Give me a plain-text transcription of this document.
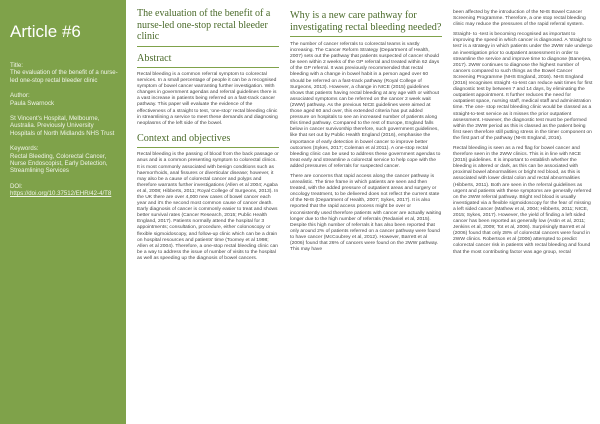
Article #6
Title:
The evaluation of the benefit of a nurse-led one-stop rectal bleeder clinic
Author:
Paula Swarnock
St Vincent's Hospital, Melbourne, Australia. Previously University Hospitals of North Midlands NHS Trust
Keywords:
Rectal Bleeding, Colorectal Cancer, Nurse Endoscopist, Early Detection, Streamlining Services
DOI:
https://doi.org/10.37512/EHR/42-4/T8
The evaluation of the benefit of a nurse-led one-stop rectal bleeder clinic
Abstract

Rectal bleeding is a common referral symptom to colorectal services. In a small percentage of people it can be a recognised symptom of bowel cancer warranting further investigation. With changes in government agendas and referral guidelines there is a vast increase in patients being referred on a fast-track cancer pathway. This paper will evaluate the evidence of the effectiveness of a straight to test, 'one-stop' rectal bleeding clinic in streamlining a service to meet these demands and diagnosing neoplasms of the left side of the bowel.

Context and objectives

Rectal bleeding is the passing of blood from the back passage or anus and is a common presenting symptom to colorectal clinics. It is most commonly associated with benign conditions such as haemorrhoids, anal fissures or diverticular disease; however, it may also be a cause of colorectal cancer and polyps and therefore warrants further investigations (Allen et al 2004; Agaba et al, 2008; Hibberts, 2011; Royal College of Surgeons, 2013). In the UK there are over 4,000 new cases of bowel cancer each year and it's the second most common cause of cancer death. Early diagnosis of cancer is commonly easier to treat and shows better survival rates (Cancer Research, 2015; Public Health England, 2017). Patients normally attend the hospital for 3 appointments; consultation, procedure, either colonoscopy or flexible sigmoidoscopy, and follow-up clinic which can be a drain on hospital resources and patients' time (Toomey et al 1998; Allen et al 2004). Therefore, a one-stop rectal bleeding clinic can be a way to address the issue of number of visits to the hospital as well as speeding up the diagnosis of bowel cancers.

Why is a new care pathway for investigating rectal bleeding needed?

The number of cancer referrals to colorectal teams is vastly increasing. The Cancer Reform Strategy (Department of Health, 2007) sets out the pathway that patients suspected of cancer should be seen within 2 weeks of the GP referral and treated within 62 days of the GP referral. It was previously recommended that rectal bleeding with a change in bowel habit in a person aged over 60 should be referred on a fast-track pathway (Royal College of Surgeons, 2013). However, a change in NICE (2015) guidelines shows that patients having rectal bleeding at any age with or without associated symptoms can be referred on the cancer 2 week wait (2WW) pathway. As the previous NICE guidelines were aimed at those aged 60 and over, this extended criteria has put added pressure on hospitals to see an increased number of patients along this timed pathway. Compared to the rest of Europe, England falls below in cancer survivorship therefore, such government guidelines, like that set out by Public Health England (2016), emphasise the importance of early detection in bowel cancer to improve better outcomes (Sykes, 2017; Coleman et al 2011). A one-stop rectal bleeding clinic can be used to address these government agendas to treat early and streamline a colorectal service to help cope with the added pressures of referrals for suspected cancer.

There are concerns that rapid access along the cancer pathway is unrealistic. The time frame in which patients are seen and then treated, with the added pressure of outpatient areas and surgery or oncology treatment, to be delivered does not reflect the current state of the NHS (Department of Health, 2007; Sykes, 2017). It is also reported that the rapid access process might be over or inconsistently used therefore patients with cancer are actually waiting longer due to the high number of referrals (Redaniel et al, 2015). Despite this high number of referrals it has also been reported that only around 2% of patients referred on a cancer pathway were found to have cancer (McCoubrey et al, 2012). However, Barrett et al (2006) found that 26% of cancers were found on the 2WW pathway. This may have

been affected by the introduction of the NHS Bowel Cancer Screening Programme. Therefore, a one stop rectal bleeding clinic may reduce the pressures of the rapid referral system.

Straight- to -test is becoming recognised as important to improving the speed in which cancer is diagnosed. A 'straight to test' is a strategy in which patients under the 2WW rule undergo an investigation prior to outpatient assessment in order to streamline the service and improve time to diagnose (Banerjea, 2017). 2WW continues to diagnose the highest number of cancers compared to such things as the Bowel Cancer Screening Programme (NHS England, 2016). NHS England (2016) recognises straight -to-test can reduce wait times for first diagnostic test by between 7 and 14 days, by eliminating the outpatient appointment. It further reduces the need for outpatient space, nursing staff, medical staff and administration time. The one- stop rectal bleeding clinic would be classed as a straight-to-test service as it misses the prior outpatient assessment. However, the diagnostic test must be performed within the 2WW period as this is classed as the patient being first seen therefore still putting stress in the timer component on the first part of the pathway (NHS England, 2016).

Rectal bleeding is seen as a red flag for bowel cancer and therefore seen in the 2WW clinics. This is in line with NICE (2015) guidelines. It is important to establish whether the bleeding is altered or dark, as this can be associated with proximal bowel abnormalities or bright red blood, as this is associated with lower distal colon and rectal abnormalities (Hibberts, 2011). Both are seen in the referral guidelines as urgent and patients with these symptoms are generally referred on the 2WW referral pathway. Bright red blood is usually investigated via a flexible sigmoidoscopy for the fear of missing a left sided cancer (Mathew et al, 2004; Hibberts, 2011; NICE, 2015; Sykes, 2017). However, the yield of finding a left sided cancer has been reported as generally low (Astin et al, 2011; Jenkins et al, 2009; Tot et al, 2006). Surprisingly Barrett et al (2006) found that only 28% of colorectal cancers were found in 2WW clinics. Robertson et al (2006) attempted to predict colorectal cancer risk in patients with rectal bleeding and found that the most contributing factor was age group, rectal
